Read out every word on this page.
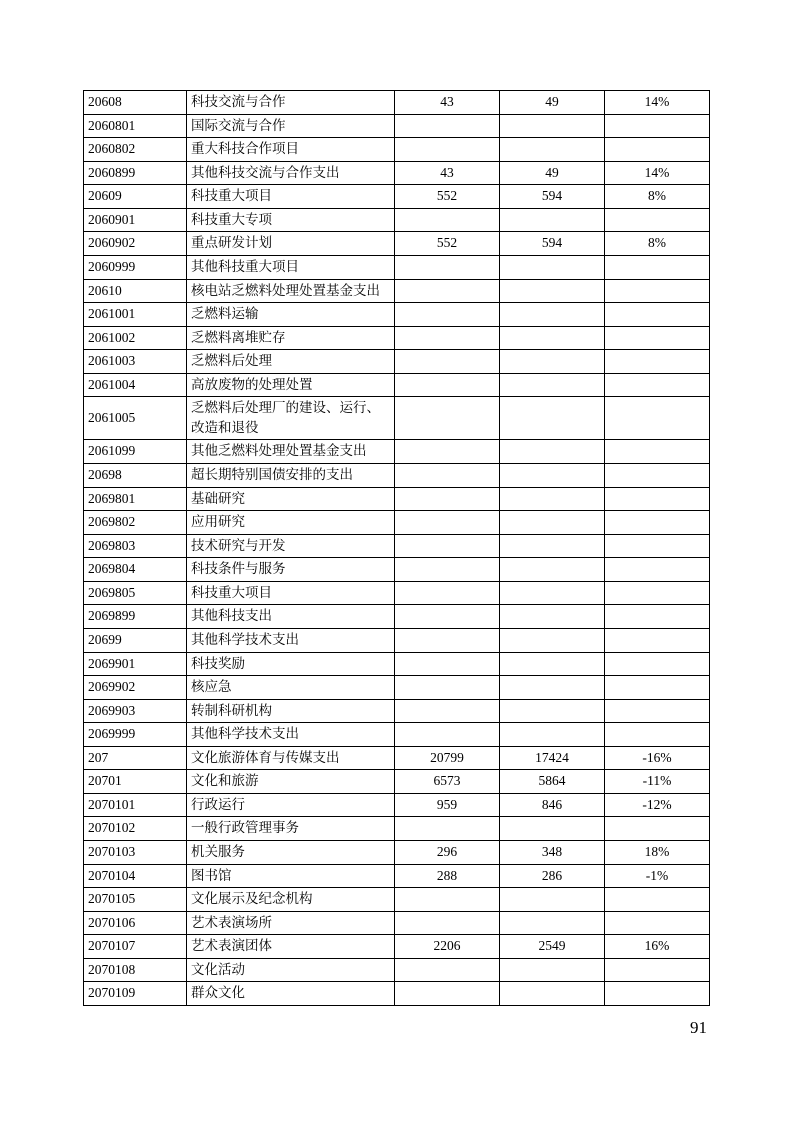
20608	科技交流与合作	43	49	14%
2060801	国际交流与合作			
2060802	重大科技合作项目			
2060899	其他科技交流与合作支出	43	49	14%
20609	科技重大项目	552	594	8%
2060901	科技重大专项			
2060902	重点研发计划	552	594	8%
2060999	其他科技重大项目			
20610	核电站乏燃料处理处置基金支出			
2061001	乏燃料运输			
2061002	乏燃料离堆贮存			
2061003	乏燃料后处理			
2061004	高放废物的处理处置			
2061005	乏燃料后处理厂的建设、运行、改造和退役			
2061099	其他乏燃料处理处置基金支出			
20698	超长期特别国债安排的支出			
2069801	基础研究			
2069802	应用研究			
2069803	技术研究与开发			
2069804	科技条件与服务			
2069805	科技重大项目			
2069899	其他科技支出			
20699	其他科学技术支出			
2069901	科技奖励			
2069902	核应急			
2069903	转制科研机构			
2069999	其他科学技术支出			
207	文化旅游体育与传媒支出	20799	17424	-16%
20701	文化和旅游	6573	5864	-11%
2070101	行政运行	959	846	-12%
2070102	一般行政管理事务			
2070103	机关服务	296	348	18%
2070104	图书馆	288	286	-1%
2070105	文化展示及纪念机构			
2070106	艺术表演场所			
2070107	艺术表演团体	2206	2549	16%
2070108	文化活动			
2070109	群众文化			
91
